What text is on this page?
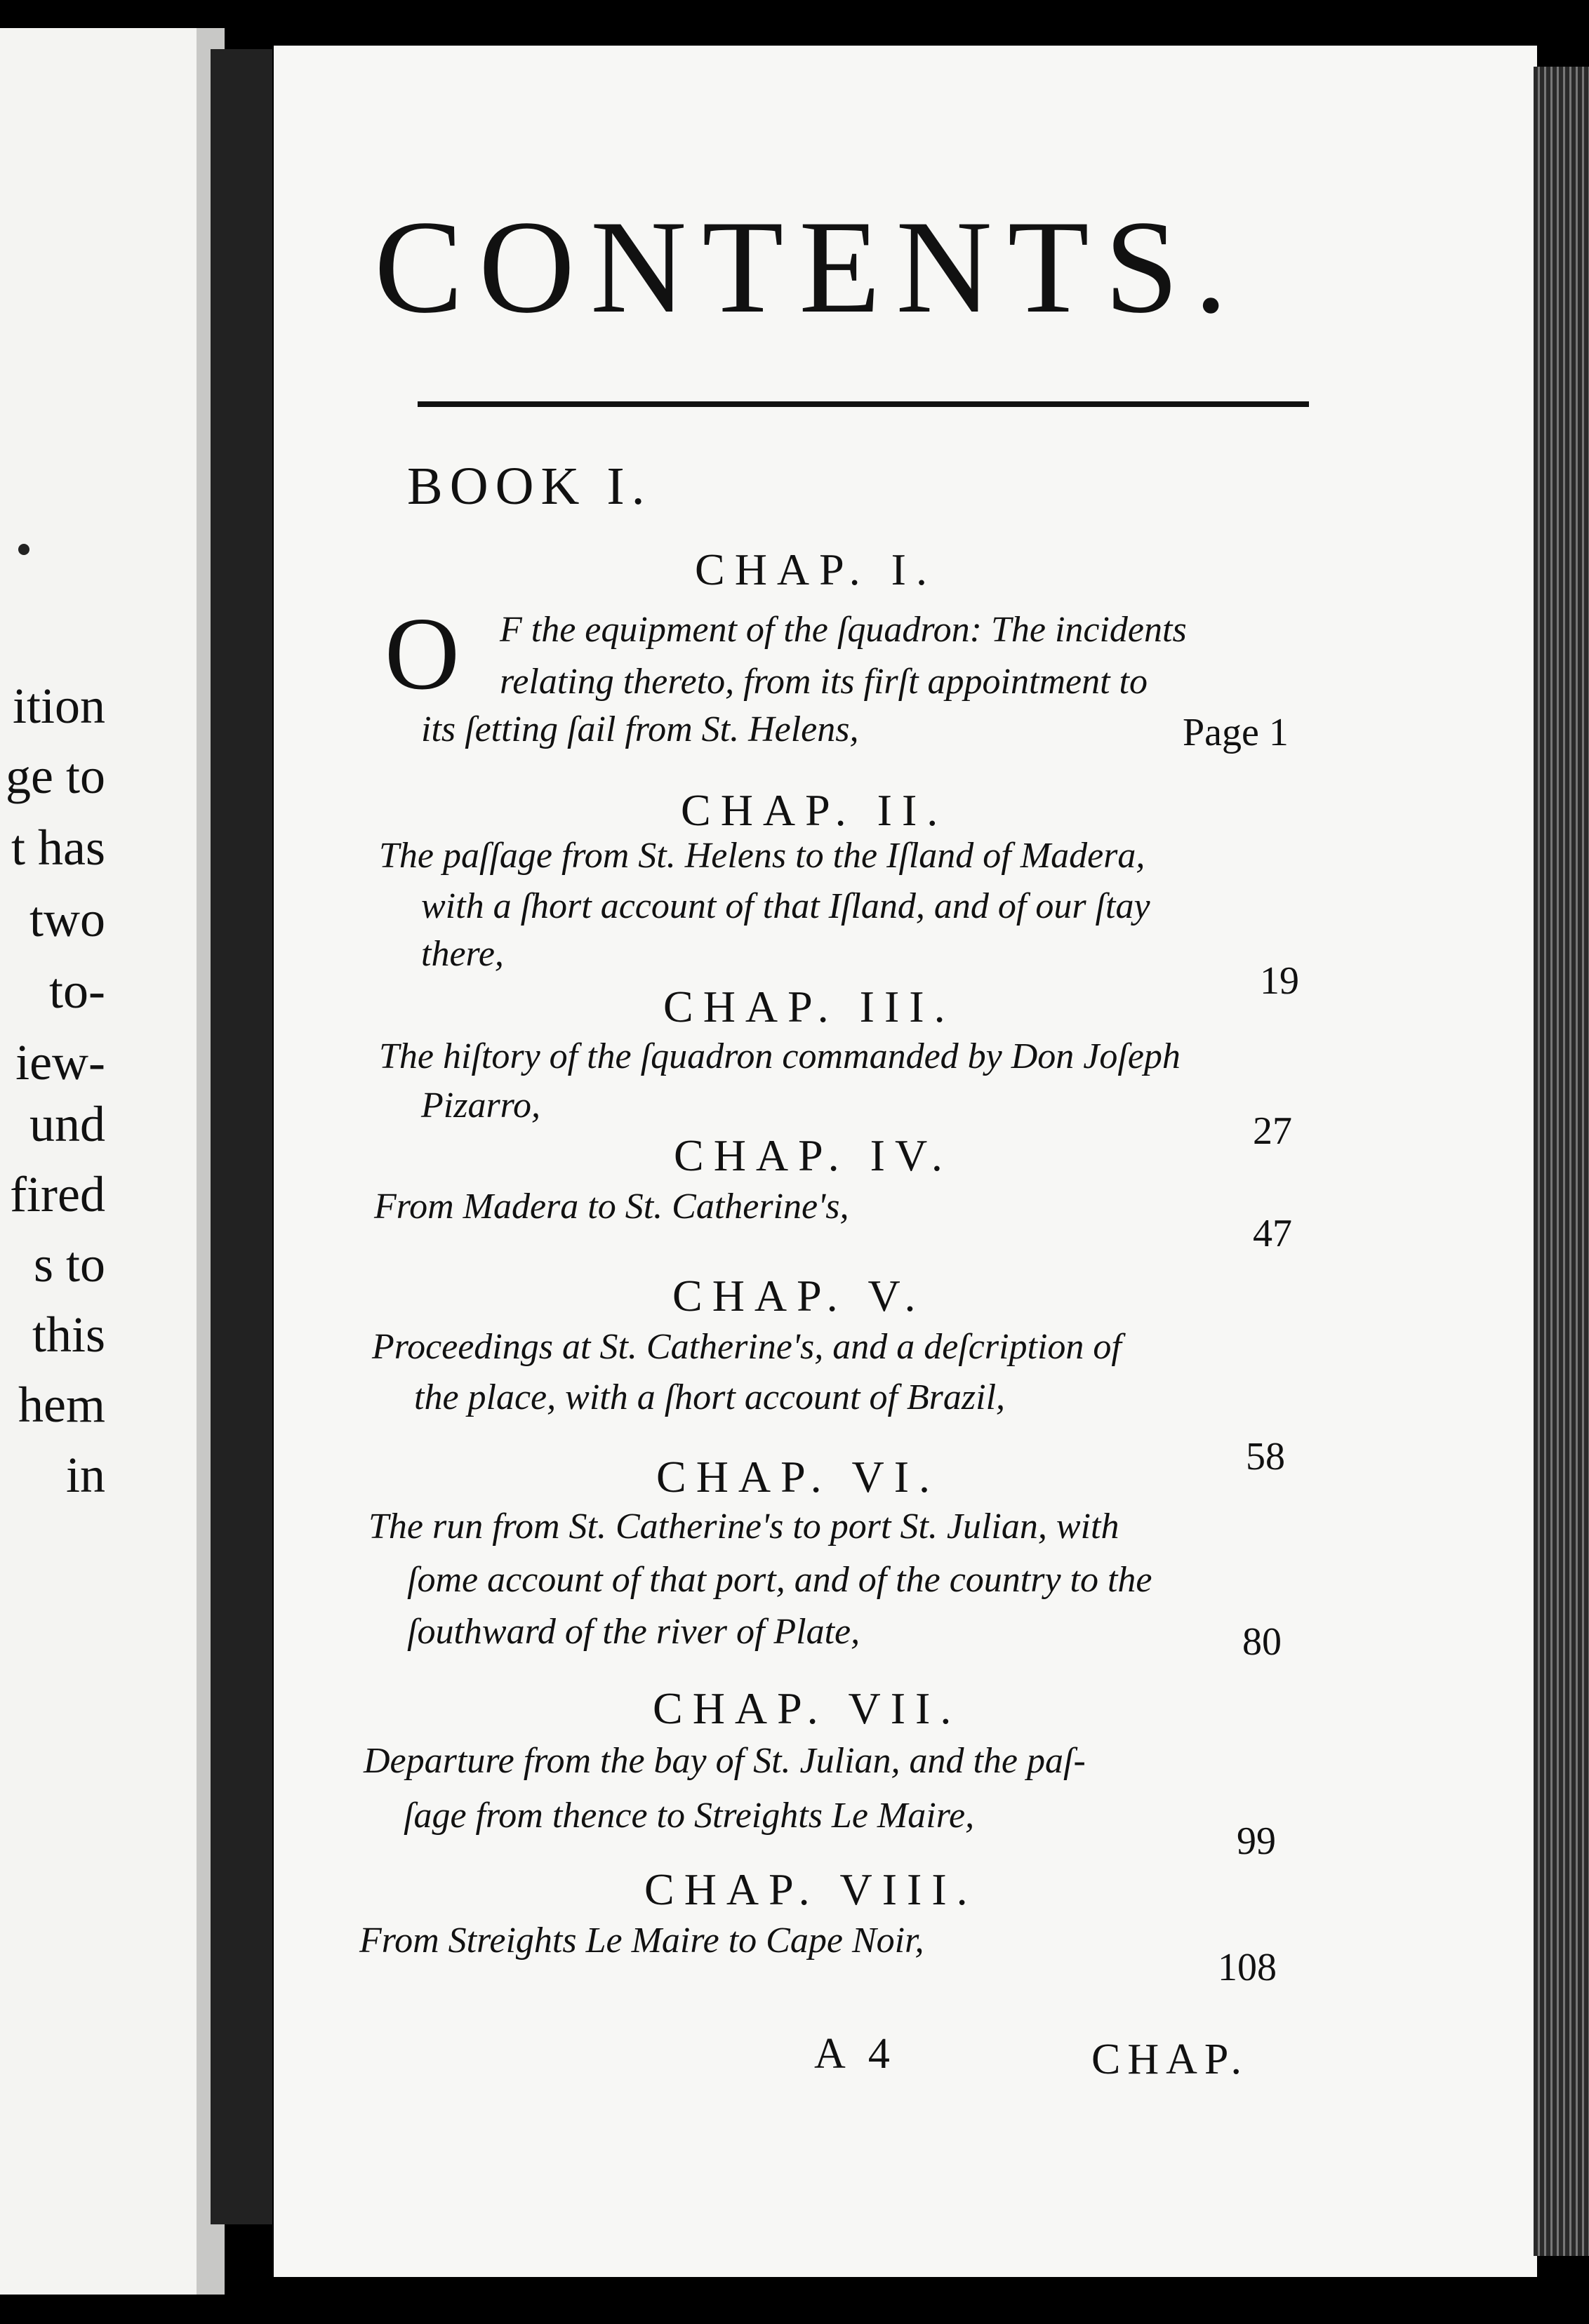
ition
ge to
t has
two
to-
iew-
und
fired
s to
this
hem
in
CONTENTS.
BOOK I.
CHAP. I.
O F the equipment of the ſquadron: The incidents
relating thereto, from its firſt appointment to
its ſetting ſail from St. Helens,	Page 1
CHAP. II.
The paſſage from St. Helens to the Iſland of Madera,
with a ſhort account of that Iſland, and of our ſtay
there,
19
CHAP. III.
The hiſtory of the ſquadron commanded by Don Joſeph
Pizarro,
27
CHAP. IV.
From Madera to St. Catherine's,
47
CHAP. V.
Proceedings at St. Catherine's, and a deſcription of
the place, with a ſhort account of Brazil,
58
CHAP. VI.
The run from St. Catherine's to port St. Julian, with
ſome account of that port, and of the country to the
ſouthward of the river of Plate,	80
CHAP. VII.
Departure from the bay of St. Julian, and the paſ-
ſage from thence to Streights Le Maire,
99
CHAP. VIII.
From Streights Le Maire to Cape Noir,
108
A 4	CHAP.
